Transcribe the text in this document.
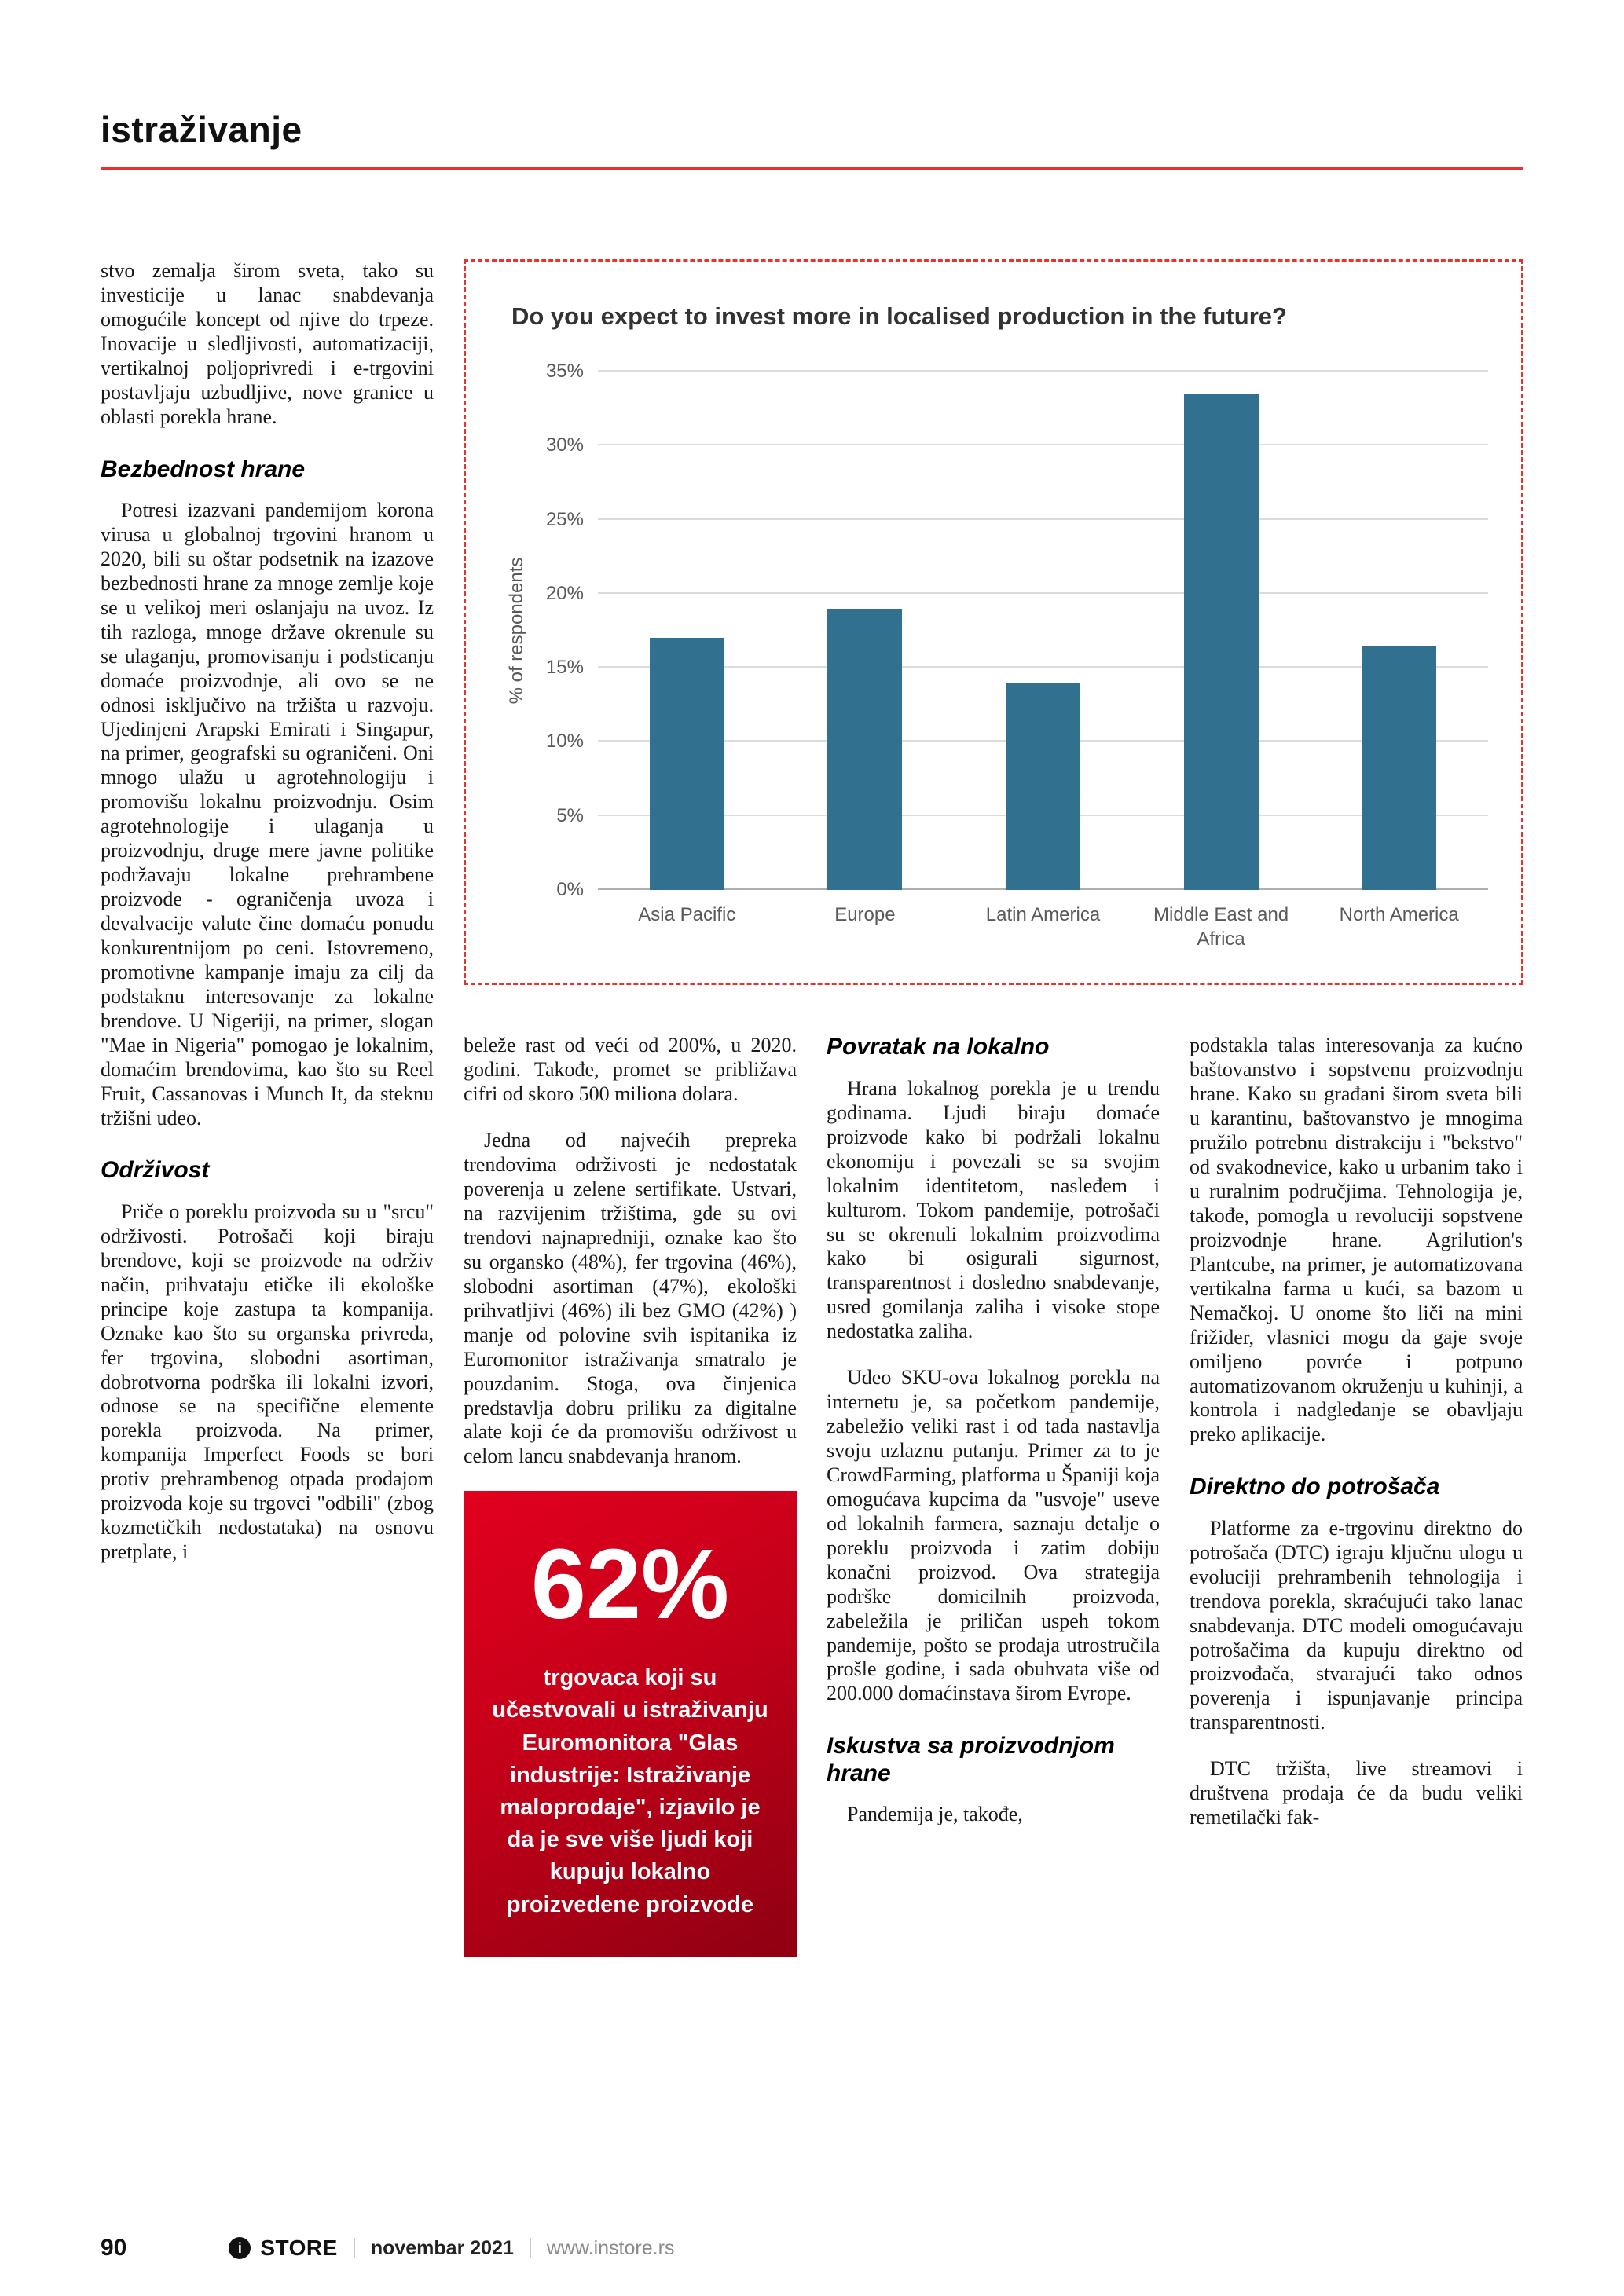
istraživanje

stvo zemalja širom sveta, tako su investicije u lanac snabdevanja omogućile koncept od njive do trpeze. Inovacije u sledljivosti, automatizaciji, vertikalnoj poljoprivredi i e-trgovini postavljaju uzbudljive, nove granice u oblasti porekla hrane.

Bezbednost hrane

Potresi izazvani pandemijom korona virusa u globalnoj trgovini hranom u 2020, bili su oštar podsetnik na izazove bezbednosti hrane za mnoge zemlje koje se u velikoj meri oslanjaju na uvoz. Iz tih razloga, mnoge države okrenule su se ulaganju, promovisanju i podsticanju domaće proizvodnje, ali ovo se ne odnosi isključivo na tržišta u razvoju. Ujedinjeni Arapski Emirati i Singapur, na primer, geografski su ograničeni. Oni mnogo ulažu u agrotehnologiju i promovišu lokalnu proizvodnju. Osim agrotehnologije i ulaganja u proizvodnju, druge mere javne politike podržavaju lokalne prehrambene proizvode - ograničenja uvoza i devalvacije valute čine domaću ponudu konkurentnijom po ceni. Istovremeno, promotivne kampanje imaju za cilj da podstaknu interesovanje za lokalne brendove. U Nigeriji, na primer, slogan "Mae in Nigeria" pomogao je lokalnim, domaćim brendovima, kao što su Reel Fruit, Cassanovas i Munch It, da steknu tržišni udeo.

Održivost

Priče o poreklu proizvoda su u "srcu" održivosti. Potrošači koji biraju brendove, koji se proizvode na održiv način, prihvataju etičke ili ekološke principe koje zastupa ta kompanija. Oznake kao što su organska privreda, fer trgovina, slobodni asortiman, dobrotvorna podrška ili lokalni izvori, odnose se na specifične elemente porekla proizvoda. Na primer, kompanija Imperfect Foods se bori protiv prehrambenog otpada prodajom proizvoda koje su trgovci "odbili" (zbog kozmetičkih nedostataka) na osnovu pretplate, i

Do you expect to invest more in localised production in the future?
% of respondents
0%
5%
10%
15%
20%
25%
30%
35%
Asia Pacific	Europe	Latin America	Middle East and Africa
North America

beleže rast od veći od 200%, u 2020. godini. Takođe, promet se približava cifri od skoro 500 miliona dolara.

Jedna od najvećih prepreka trendovima održivosti je nedostatak poverenja u zelene sertifikate. Ustvari, na razvijenim tržištima, gde su ovi trendovi najnapredniji, oznake kao što su organsko (48%), fer trgovina (46%), slobodni asortiman (47%), ekološki prihvatljivi (46%) ili bez GMO (42%) ) manje od polovine svih ispitanika iz Euromonitor istraživanja smatralo je pouzdanim. Stoga, ova činjenica predstavlja dobru priliku za digitalne alate koji će da promovišu održivost u celom lancu snabdevanja hranom.

62%
trgovaca koji su učestvovali u istraživanju Euromonitora "Glas industrije: Istraživanje maloprodaje", izjavilo je da je sve više ljudi koji kupuju lokalno proizvedene proizvode
Povratak na lokalno

Hrana lokalnog porekla je u trendu godinama. Ljudi biraju domaće proizvode kako bi podržali lokalnu ekonomiju i povezali se sa svojim lokalnim identitetom, nasleđem i kulturom. Tokom pandemije, potrošači su se okrenuli lokalnim proizvodima kako bi osigurali sigurnost, transparentnost i dosledno snabdevanje, usred gomilanja zaliha i visoke stope nedostatka zaliha.

Udeo SKU-ova lokalnog porekla na internetu je, sa početkom pandemije, zabeležio veliki rast i od tada nastavlja svoju uzlaznu putanju. Primer za to je CrowdFarming, platforma u Španiji koja omogućava kupcima da "usvoje" useve od lokalnih farmera, saznaju detalje o poreklu proizvoda i zatim dobiju konačni proizvod. Ova strategija podrške domicilnih proizvoda, zabeležila je priličan uspeh tokom pandemije, pošto se prodaja utrostručila prošle godine, i sada obuhvata više od 200.000 domaćinstava širom Evrope.

Iskustva sa proizvodnjom hrane

Pandemija je, takođe,

podstakla talas interesovanja za kućno baštovanstvo i sopstvenu proizvodnju hrane. Kako su građani širom sveta bili u karantinu, baštovanstvo je mnogima pružilo potrebnu distrakciju i "bekstvo" od svakodnevice, kako u urbanim tako i u ruralnim područjima. Tehnologija je, takođe, pomogla u revoluciji sopstvene proizvodnje hrane. Agrilution's Plantcube, na primer, je automatizovana vertikalna farma u kući, sa bazom u Nemačkoj. U onome što liči na mini frižider, vlasnici mogu da gaje svoje omiljeno povrće i potpuno automatizovanom okruženju u kuhinji, a kontrola i nadgledanje se obavljaju preko aplikacije.

Direktno do potrošača

Platforme za e-trgovinu direktno do potrošača (DTC) igraju ključnu ulogu u evoluciji prehrambenih tehnologija i trendova porekla, skraćujući tako lanac snabdevanja. DTC modeli omogućavaju potrošačima da kupuju direktno od proizvođača, stvarajući tako odnos poverenja i ispunjavanje principa transparentnosti.

DTC tržišta, live streamovi i društvena prodaja će da budu veliki remetilački fak-

90	i STORE novembar 2021 www.instore.rs
